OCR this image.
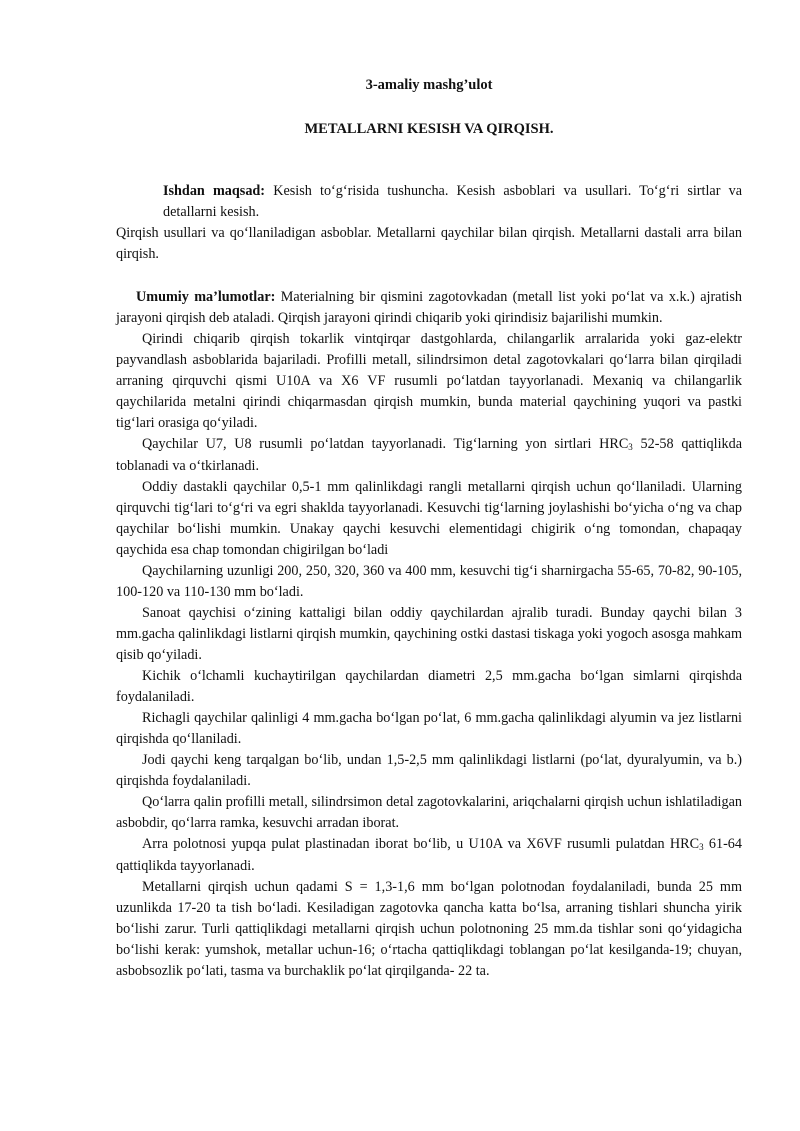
3-amaliy mashg’ulot
METALLARNI KESISH VA QIRQISH.

Ishdan maqsad: Kesish to‘g‘risida tushuncha. Kesish asboblari va usullari. To‘g‘ri sirtlar va detallarni kesish.

Qirqish usullari va qo‘llaniladigan asboblar. Metallarni qaychilar bilan qirqish. Metallarni dastali arra bilan qirqish.

Umumiy ma’lumotlar: Materialning bir qismini zagotovkadan (metall list yoki po‘lat va x.k.) ajratish jarayoni qirqish deb ataladi. Qirqish jarayoni qirindi chiqarib yoki qirindisiz bajarilishi mumkin.

Qirindi chiqarib qirqish tokarlik vintqirqar dastgohlarda, chilangarlik arralarida yoki gaz-elektr payvandlash asboblarida bajariladi. Profilli metall, silindrsimon detal zagotovkalari qo‘larra bilan qirqiladi arraning qirquvchi qismi U10A va X6 VF rusumli po‘latdan tayyorlanadi. Mexaniq va chilangarlik qaychilarida metalni qirindi chiqarmasdan qirqish mumkin, bunda material qaychining yuqori va pastki tig‘lari orasiga qo‘yiladi.

Qaychilar U7, U8 rusumli po‘latdan tayyorlanadi. Tig‘larning yon sirtlari $HRC_3$ 52-58 qattiqlikda toblanadi va o‘tkirlanadi.

Oddiy dastakli qaychilar 0,5-1 mm qalinlikdagi rangli metallarni qirqish uchun qo‘llaniladi. Ularning qirquvchi tig‘lari to‘g‘ri va egri shaklda tayyorlanadi. Kesuvchi tig‘larning joylashishi bo‘yicha o‘ng va chap qaychilar bo‘lishi mumkin. Unakay qaychi kesuvchi elementidagi chigirik o‘ng tomondan, chapaqay qaychida esa chap tomondan chigirilgan bo‘ladi

Qaychilarning uzunligi 200, 250, 320, 360 va 400 mm, kesuvchi tig‘i sharnirgacha 55-65, 70-82, 90-105, 100-120 va 110-130 mm bo‘ladi.

Sanoat qaychisi o‘zining kattaligi bilan oddiy qaychilardan ajralib turadi. Bunday qaychi bilan 3 mm.gacha qalinlikdagi listlarni qirqish mumkin, qaychining ostki dastasi tiskaga yoki yogoch asosga mahkam qisib qo‘yiladi.

Kichik o‘lchamli kuchaytirilgan qaychilardan diametri 2,5 mm.gacha bo‘lgan simlarni qirqishda foydalaniladi.

Richagli qaychilar qalinligi 4 mm.gacha bo‘lgan po‘lat, 6 mm.gacha qalinlikdagi alyumin va jez listlarni qirqishda qo‘llaniladi.

Jodi qaychi keng tarqalgan bo‘lib, undan 1,5-2,5 mm qalinlikdagi listlarni (po‘lat, dyuralyumin, va b.) qirqishda foydalaniladi.

Qo‘larra qalin profilli metall, silindrsimon detal zagotovkalarini, ariqchalarni qirqish uchun ishlatiladigan asbobdir, qo‘larra ramka, kesuvchi arradan iborat.

Arra polotnosi yupqa pulat plastinadan iborat bo‘lib, u U10A va X6VF rusumli pulatdan $HRC_3$ 61-64 qattiqlikda tayyorlanadi.

Metallarni qirqish uchun qadami S = 1,3-1,6 mm bo‘lgan polotnodan foydalaniladi, bunda 25 mm uzunlikda 17-20 ta tish bo‘ladi. Kesiladigan zagotovka qancha katta bo‘lsa, arraning tishlari shuncha yirik bo‘lishi zarur. Turli qattiqlikdagi metallarni qirqish uchun polotnoning 25 mm.da tishlar soni qo‘yidagicha bo‘lishi kerak: yumshok, metallar uchun-16; o‘rtacha qattiqlikdagi toblangan po‘lat kesilganda-19; chuyan, asbobsozlik po‘lati, tasma va burchaklik po‘lat qirqilganda- 22 ta.
